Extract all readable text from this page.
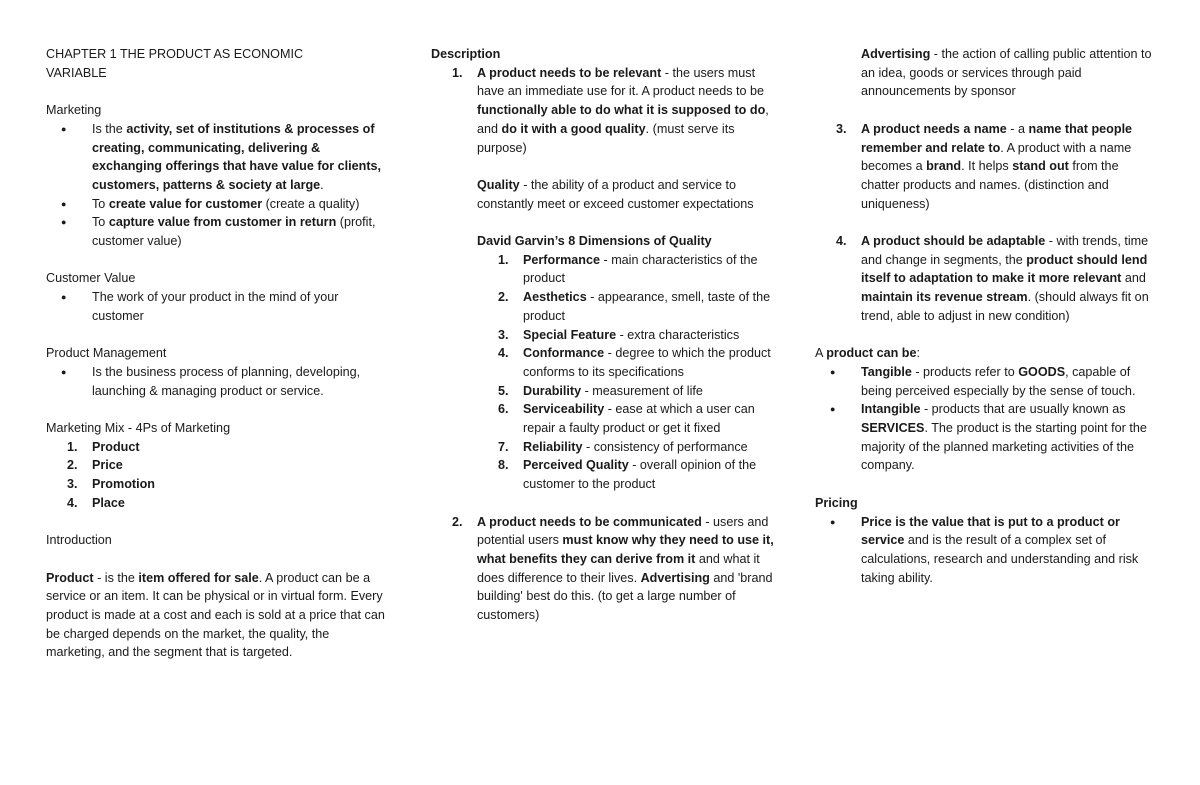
CHAPTER 1 THE PRODUCT AS ECONOMIC
VARIABLE

Marketing

● Is the activity, set of institutions & processes of creating, communicating, delivering & exchanging offerings that have value for clients, customers, patterns & society at large.
● To create value for customer (create a quality)
● To capture value from customer in return (profit, customer value)

Customer Value

● The work of your product in the mind of your customer

Product Management

● Is the business process of planning, developing, launching & managing product or service.

Marketing Mix - 4Ps of Marketing

1. Product
2. Price
3. Promotion
4. Place

Introduction

Product - is the item offered for sale. A product can be a service or an item. It can be physical or in virtual form. Every product is made at a cost and each is sold at a price that can be charged depends on the market, the quality, the marketing, and the segment that is targeted.

Description

1. A product needs to be relevant - the users must have an immediate use for it. A product needs to be functionally able to do what it is supposed to do, and do it with a good quality. (must serve its purpose)

Quality - the ability of a product and service to constantly meet or exceed customer expectations

David Garvin’s 8 Dimensions of Quality

1. Performance - main characteristics of the product
2. Aesthetics - appearance, smell, taste of the product
3. Special Feature - extra characteristics
4. Conformance - degree to which the product conforms to its specifications
5. Durability - measurement of life
6. Serviceability - ease at which a user can repair a faulty product or get it fixed
7. Reliability - consistency of performance
8. Perceived Quality - overall opinion of the customer to the product
2. A product needs to be communicated - users and potential users must know why they need to use it, what benefits they can derive from it and what it does difference to their lives. Advertising and 'brand building' best do this. (to get a large number of customers)

Advertising - the action of calling public attention to an idea, goods or services through paid announcements by sponsor

3. A product needs a name - a name that people remember and relate to. A product with a name becomes a brand. It helps stand out from the chatter products and names. (distinction and uniqueness)
4. A product should be adaptable - with trends, time and change in segments, the product should lend itself to adaptation to make it more relevant and maintain its revenue stream. (should always fit on trend, able to adjust in new condition)

A product can be:

● Tangible - products refer to GOODS, capable of being perceived especially by the sense of touch.
● Intangible - products that are usually known as SERVICES. The product is the starting point for the majority of the planned marketing activities of the company.

Pricing

● Price is the value that is put to a product or service and is the result of a complex set of calculations, research and understanding and risk taking ability.
